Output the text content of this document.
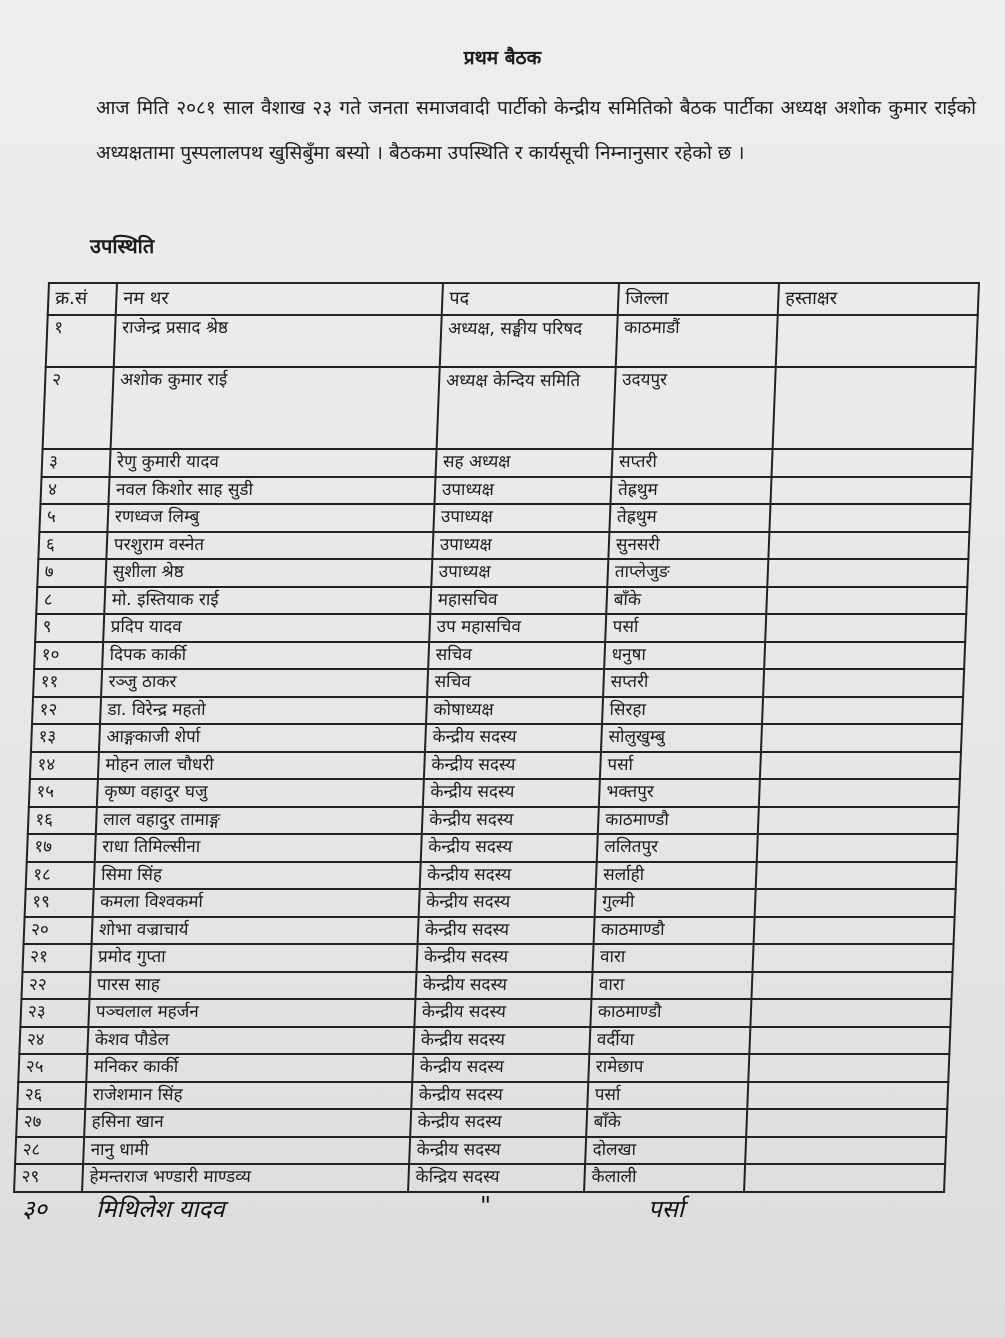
प्रथम बैठक
आज मिति २०८१ साल वैशाख २३ गते जनता समाजवादी पार्टीको केन्द्रीय समितिको बैठक पार्टीका अध्यक्ष अशोक कुमार राईको अध्यक्षतामा पुस्पलालपथ खुसिबुँमा बस्यो । बैठकमा उपस्थिति र कार्यसूची निम्नानुसार रहेको छ ।
उपस्थिति
क्र.सं	नम थर	पद	जिल्ला	हस्ताक्षर
१	राजेन्द्र प्रसाद श्रेष्ठ	अध्यक्ष, सङ्घीय परिषद	काठमाडौं	
२	अशोक कुमार राई	अध्यक्ष केन्दिय समिति	उदयपुर	
३	रेणु कुमारी यादव	सह अध्यक्ष	सप्तरी	
४	नवल किशोर साह सुडी	उपाध्यक्ष	तेह्रथुम	
५	रणध्वज लिम्बु	उपाध्यक्ष	तेह्रथुम	
६	परशुराम वस्नेत	उपाध्यक्ष	सुनसरी	
७	सुशीला श्रेष्ठ	उपाध्यक्ष	ताप्लेजुङ	
८	मो. इस्तियाक राई	महासचिव	बाँके	
९	प्रदिप यादव	उप महासचिव	पर्सा	
१०	दिपक कार्की	सचिव	धनुषा	
११	रञ्जु ठाकर	सचिव	सप्तरी	
१२	डा. विरेन्द्र महतो	कोषाध्यक्ष	सिरहा	
१३	आङ्गकाजी शेर्पा	केन्द्रीय सदस्य	सोलुखुम्बु	
१४	मोहन लाल चौधरी	केन्द्रीय सदस्य	पर्सा	
१५	कृष्ण वहादुर घजु	केन्द्रीय सदस्य	भक्तपुर	
१६	लाल वहादुर तामाङ्ग	केन्द्रीय सदस्य	काठमाण्डौ	
१७	राधा तिमिल्सीना	केन्द्रीय सदस्य	ललितपुर	
१८	सिमा सिंह	केन्द्रीय सदस्य	सर्लाही	
१९	कमला विश्वकर्मा	केन्द्रीय सदस्य	गुल्मी	
२०	शोभा वज्राचार्य	केन्द्रीय सदस्य	काठमाण्डौ	
२१	प्रमोद गुप्ता	केन्द्रीय सदस्य	वारा	
२२	पारस साह	केन्द्रीय सदस्य	वारा	
२३	पञ्चलाल महर्जन	केन्द्रीय सदस्य	काठमाण्डौ	
२४	केशव पौडेल	केन्द्रीय सदस्य	वर्दीया	
२५	मनिकर कार्की	केन्द्रीय सदस्य	रामेछाप	
२६	राजेशमान सिंह	केन्द्रीय सदस्य	पर्सा	
२७	हसिना खान	केन्द्रीय सदस्य	बाँके	
२८	नानु धामी	केन्द्रीय सदस्य	दोलखा	
२९	हेमन्तराज भण्डारी माण्डव्य	केन्द्रिय सदस्य	कैलाली	
३० मिथिलेश यादव	"	पर्सा
